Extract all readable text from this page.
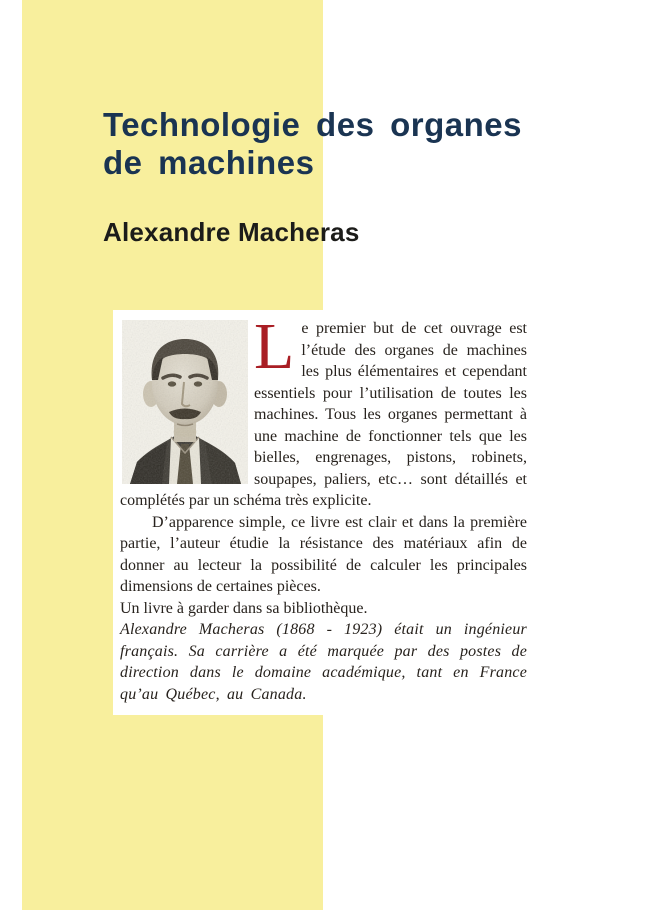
Technologie des organes
de machines
Alexandre Macheras

Le premier but de cet ouvrage est l’étude des organes de machines les plus élémentaires et cependant essentiels pour l’utilisation de toutes les machines. Tous les organes permettant à une machine de fonctionner tels que les bielles, engrenages, pistons, robinets, soupapes, paliers, etc… sont détaillés et complétés par un schéma très explicite.

D’apparence simple, ce livre est clair et dans la première partie, l’auteur étudie la résistance des matériaux afin de donner au lecteur la possibilité de calculer les principales dimensions de certaines pièces.

Un livre à garder dans sa bibliothèque.

Alexandre Macheras (1868 - 1923) était un ingénieur français. Sa carrière a été marquée par des postes de direction dans le domaine académique, tant en France qu’au Québec, au Canada.
